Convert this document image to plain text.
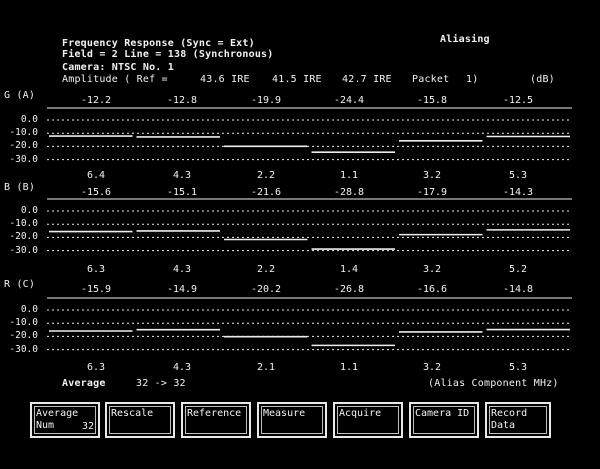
Frequency Response (Sync = Ext)	Aliasing
Field = 2 Line = 138 (Synchronous)
Camera: NTSC No. 1
Amplitude ( Ref =	43.6 IRE 41.5 IRE 42.7 IRE Packet 1)	(dB)
G (A)
B (B)
R (C)
0.0
-10.0
-20.0
-30.0
-12.2	-12.8	-19.9	-24.4	-15.8	-12.5
6.4	4.3	2.2	1.1	3.2	5.3
0.0
-10.0
-20.0
-30.0
-15.6	-15.1	-21.6	-28.8	-17.9	-14.3
6.3	4.3	2.2	1.4	3.2	5.2
0.0
-10.0
-20.0
-30.0
-15.9	-14.9	-20.2	-26.8	-16.6	-14.8
6.3	4.3	2.1	1.1	3.2	5.3
Average	32 -> 32	(Alias Component MHz)
Average
Num	32
Rescale	Reference Measure	Acquire	Camera ID Record
Data
